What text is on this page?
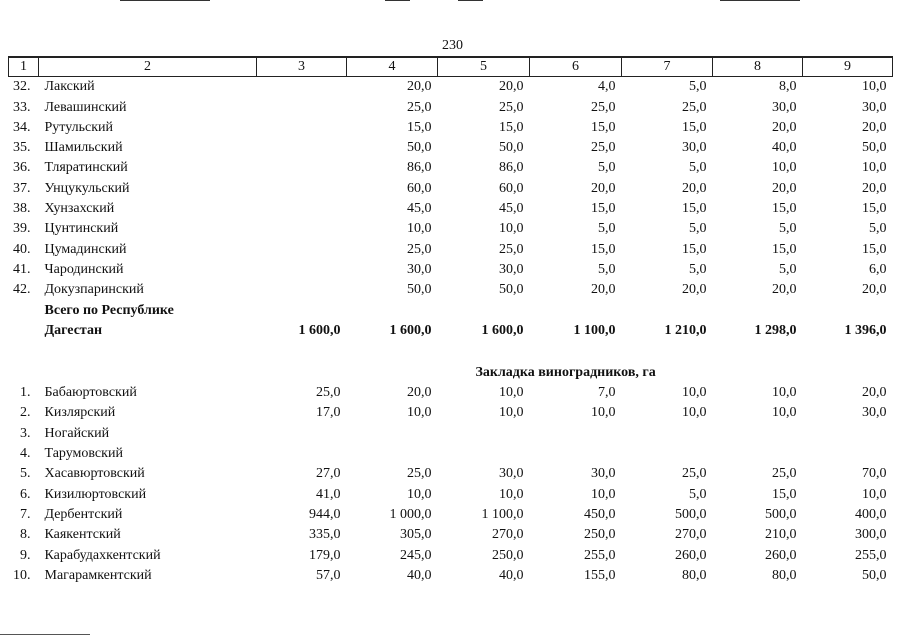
230
1	2	3	4	5	6	7	8	9
32.	Лакский		20,0	20,0	4,0	5,0	8,0	10,0
33.	Левашинский		25,0	25,0	25,0	25,0	30,0	30,0
34.	Рутульский		15,0	15,0	15,0	15,0	20,0	20,0
35.	Шамильский		50,0	50,0	25,0	30,0	40,0	50,0
36.	Тляратинский		86,0	86,0	5,0	5,0	10,0	10,0
37.	Унцукульский		60,0	60,0	20,0	20,0	20,0	20,0
38.	Хунзахский		45,0	45,0	15,0	15,0	15,0	15,0
39.	Цунтинский		10,0	10,0	5,0	5,0	5,0	5,0
40.	Цумадинский		25,0	25,0	15,0	15,0	15,0	15,0
41.	Чародинский		30,0	30,0	5,0	5,0	5,0	6,0
42.	Докузпаринский		50,0	50,0	20,0	20,0	20,0	20,0
	Всего по Республике							
	Дагестан	1 600,0	1 600,0	1 600,0	1 100,0	1 210,0	1 298,0	1 396,0

				Закладка виноградников, га				
1.	Бабаюртовский	25,0	20,0	10,0	7,0	10,0	10,0	20,0
2.	Кизлярский	17,0	10,0	10,0	10,0	10,0	10,0	30,0
3.	Ногайский							
4.	Тарумовский							
5.	Хасавюртовский	27,0	25,0	30,0	30,0	25,0	25,0	70,0
6.	Кизилюртовский	41,0	10,0	10,0	10,0	5,0	15,0	10,0
7.	Дербентский	944,0	1 000,0	1 100,0	450,0	500,0	500,0	400,0
8.	Каякентский	335,0	305,0	270,0	250,0	270,0	210,0	300,0
9.	Карабудахкентский	179,0	245,0	250,0	255,0	260,0	260,0	255,0
10.	Магарамкентский	57,0	40,0	40,0	155,0	80,0	80,0	50,0
